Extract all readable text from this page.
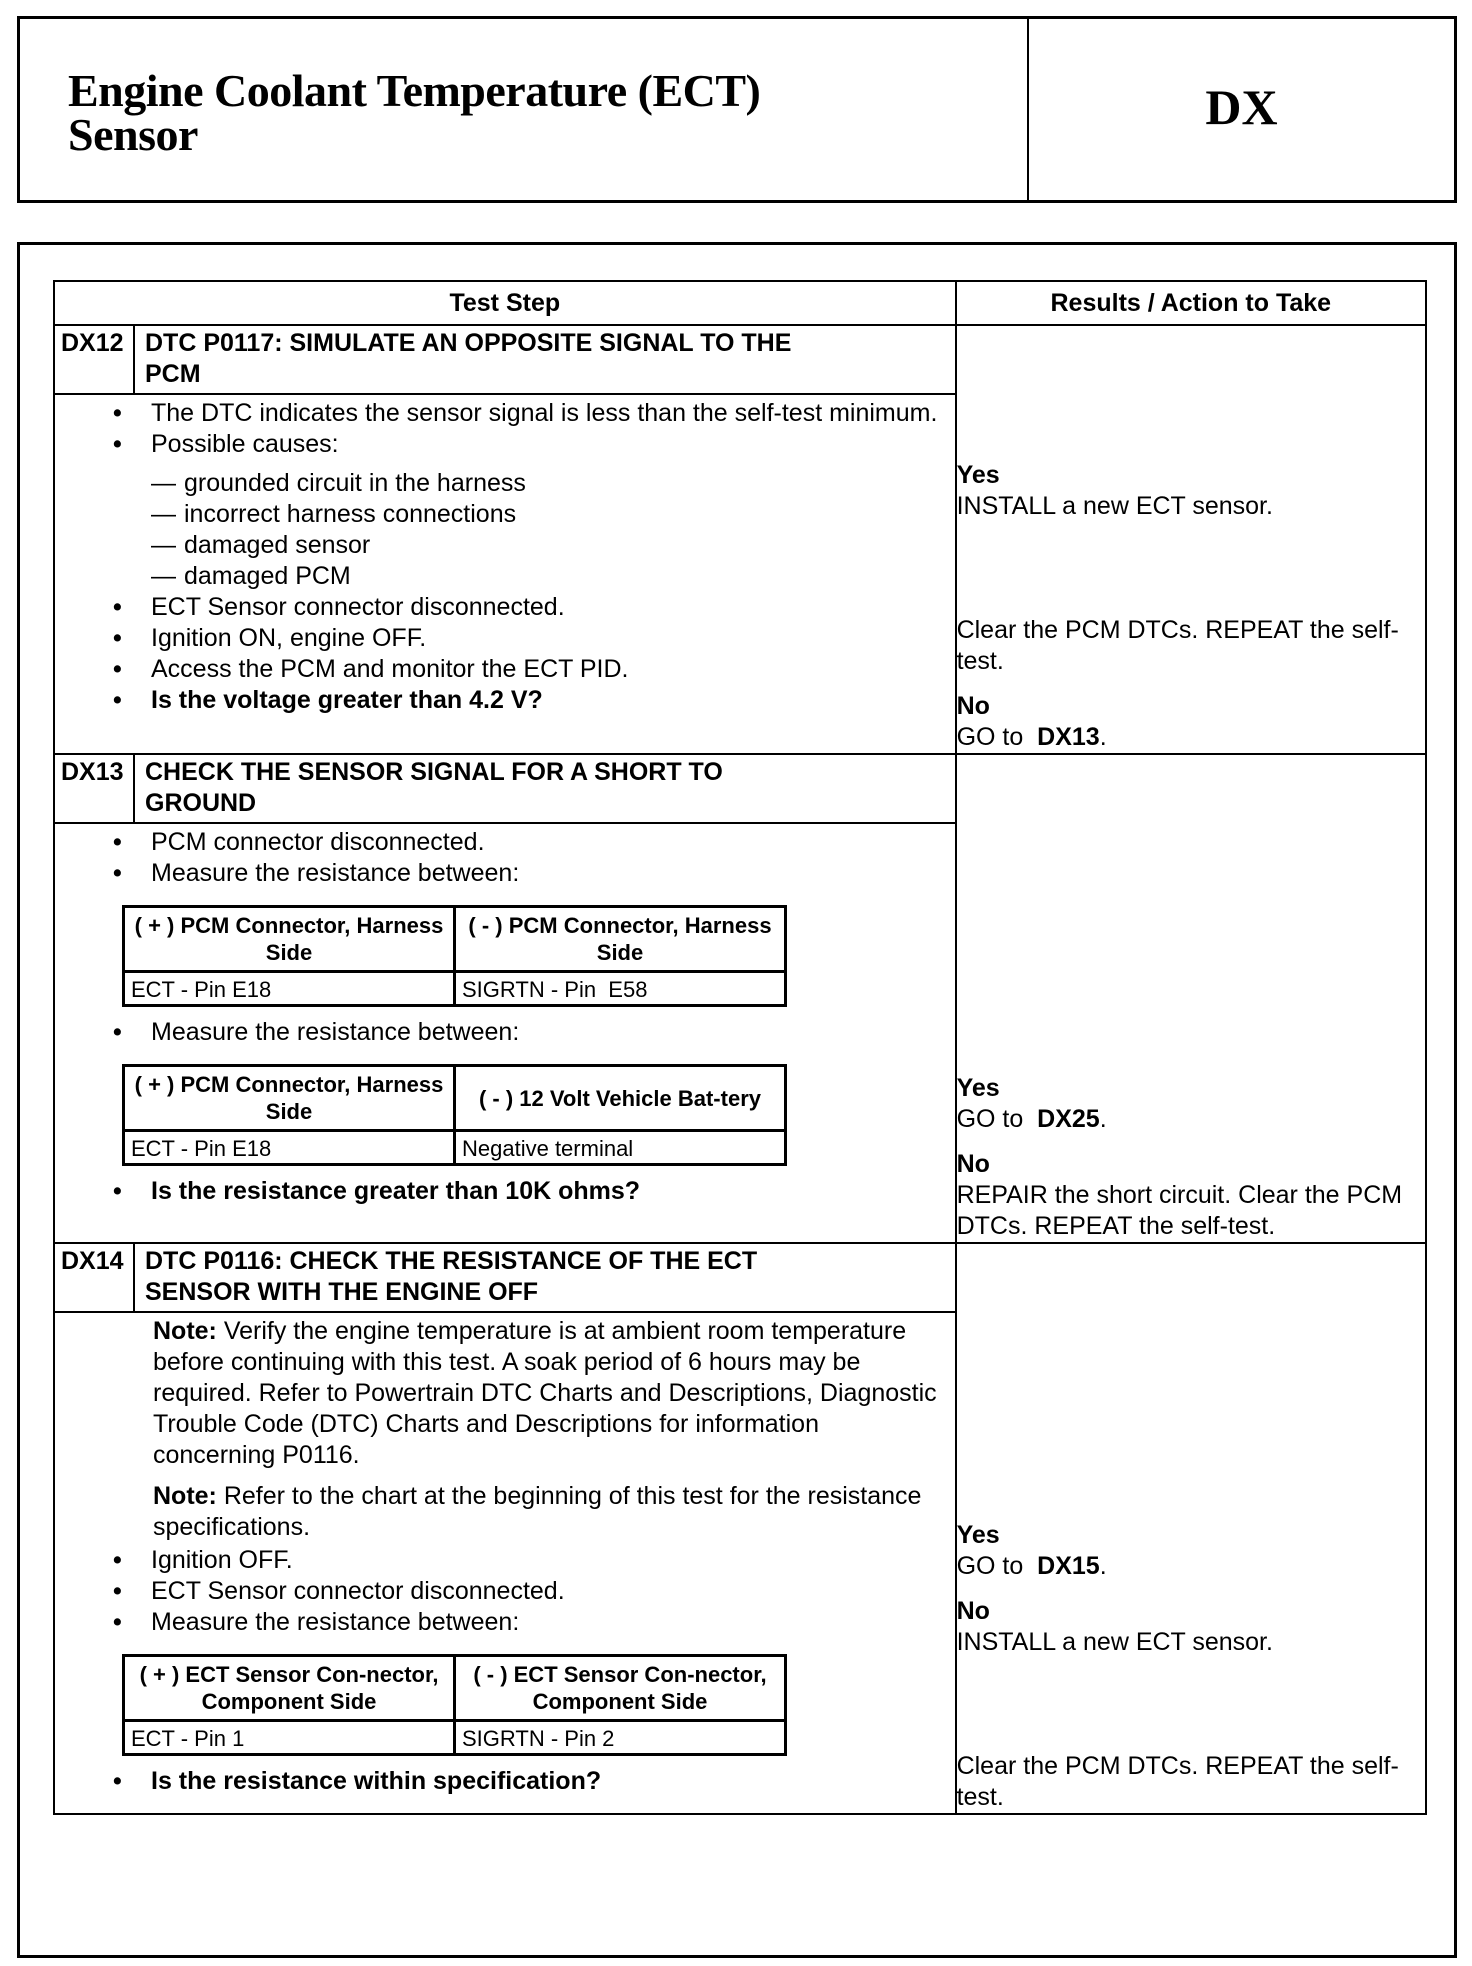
Engine Coolant Temperature (ECT)
Sensor	DX
Test Step	Results / Action to Take

DX12 DTC P0117: SIMULATE AN OPPOSITE SIGNAL TO THE
PCM
• The DTC indicates the sensor signal is less than the self-test minimum.
• Possible causes:
— grounded circuit in the harness
— incorrect harness connections
— damaged sensor
— damaged PCM
• ECT Sensor connector disconnected.
• Ignition ON, engine OFF.
• Access the PCM and monitor the ECT PID.
• Is the voltage greater than 4.2 V?

Yes
INSTALL a new ECT sensor.
Clear the PCM DTCs. REPEAT the self-test.
No
GO to DX13.

DX13 CHECK THE SENSOR SIGNAL FOR A SHORT TO
GROUND
• PCM connector disconnected.
• Measure the resistance between:
( + ) PCM Connector, Harness Side	( - ) PCM Connector, Harness Side
ECT - Pin E18	SIGRTN - Pin  E58
• Measure the resistance between:
( + ) PCM Connector, Harness Side	( - ) 12 Volt Vehicle Bat-tery
ECT - Pin E18	Negative terminal
• Is the resistance greater than 10K ohms?

Yes
GO to DX25.
No
REPAIR the short circuit. Clear the PCM DTCs. REPEAT the self-test.

DX14 DTC P0116: CHECK THE RESISTANCE OF THE ECT
SENSOR WITH THE ENGINE OFF

Note: Verify the engine temperature is at ambient room temperature before continuing with this test. A soak period of 6 hours may be required. Refer to Powertrain DTC Charts and Descriptions, Diagnostic Trouble Code (DTC) Charts and Descriptions for information concerning P0116.

Note: Refer to the chart at the beginning of this test for the resistance specifications.

• Ignition OFF.
• ECT Sensor connector disconnected.
• Measure the resistance between:
( + ) ECT Sensor Con-nector, Component Side	( - ) ECT Sensor Con-nector, Component Side
ECT - Pin 1	SIGRTN - Pin 2
• Is the resistance within specification?

Yes
GO to DX15.
No
INSTALL a new ECT sensor.
Clear the PCM DTCs. REPEAT the self-test.
